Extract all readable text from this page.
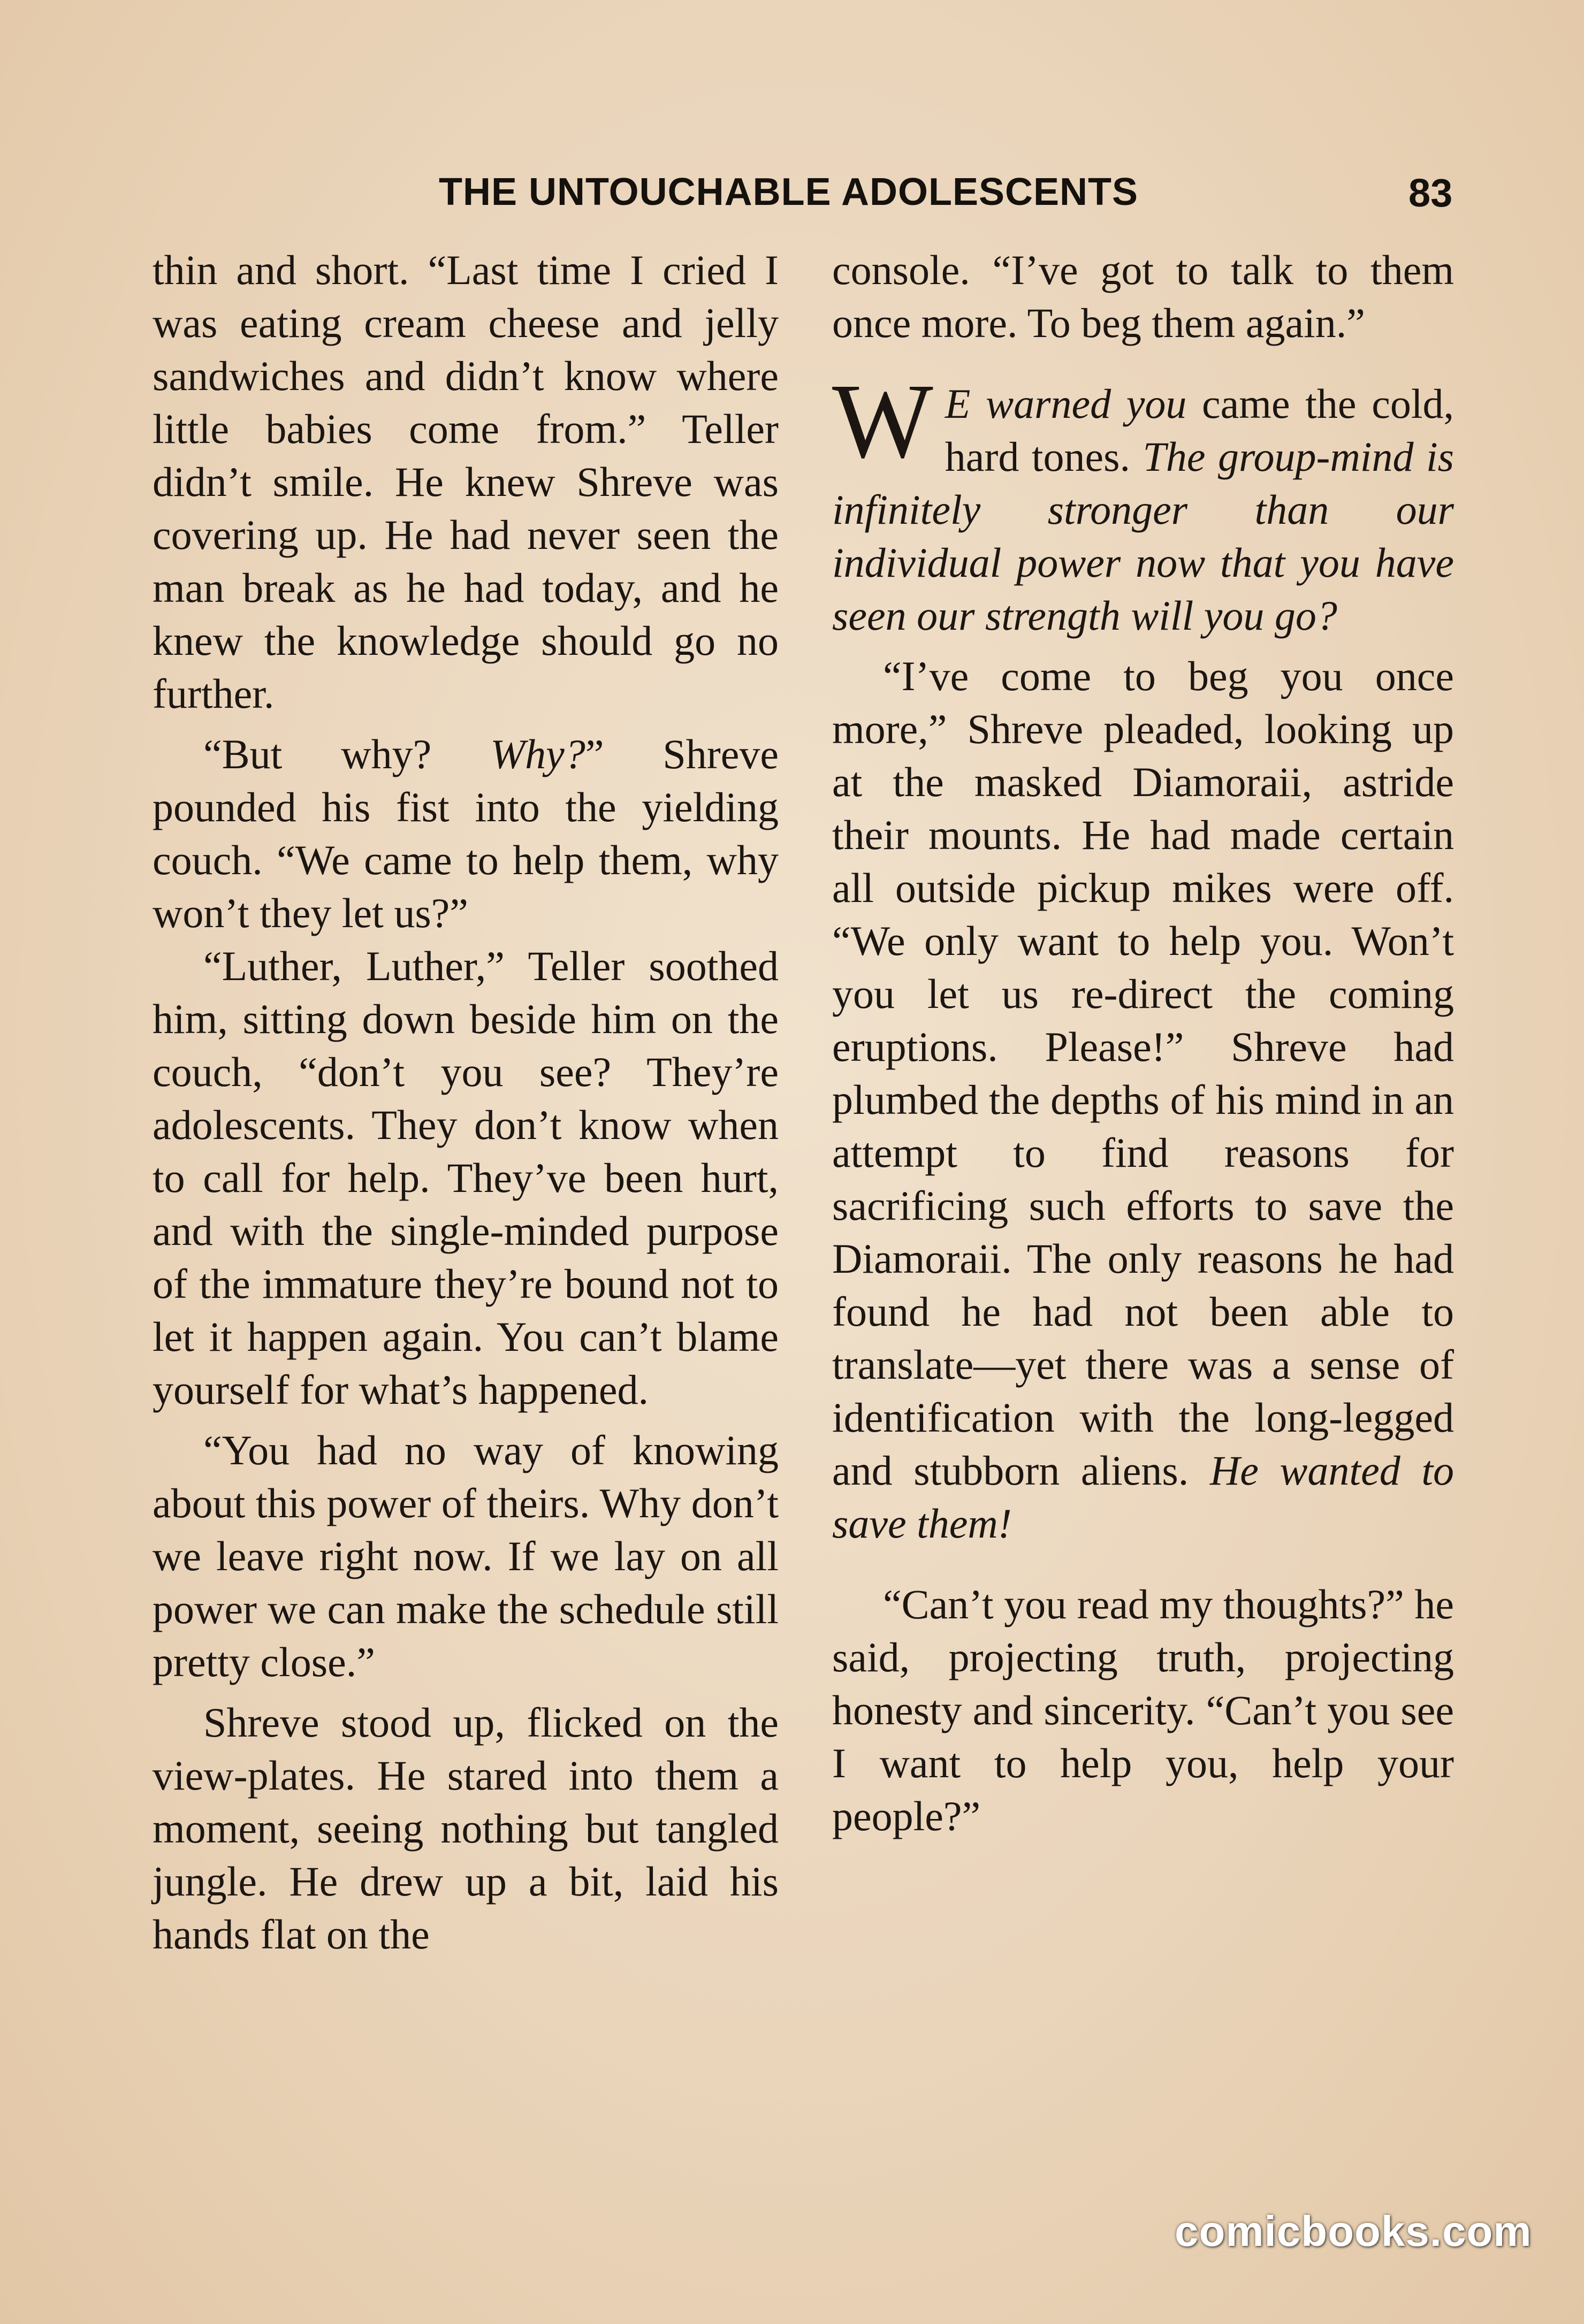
THE UNTOUCHABLE ADOLESCENTS	83

thin and short. “Last time I cried I was eating cream cheese and jelly sandwiches and didn’t know where little babies come from.” Teller didn’t smile. He knew Shreve was covering up. He had never seen the man break as he had today, and he knew the knowledge should go no further.

“But why? Why?” Shreve pounded his fist into the yielding couch. “We came to help them, why won’t they let us?”

“Luther, Luther,” Teller soothed him, sitting down beside him on the couch, “don’t you see? They’re adolescents. They don’t know when to call for help. They’ve been hurt, and with the single-minded purpose of the immature they’re bound not to let it happen again. You can’t blame yourself for what’s happened.

“You had no way of knowing about this power of theirs. Why don’t we leave right now. If we lay on all power we can make the schedule still pretty close.”

Shreve stood up, flicked on the view-plates. He stared into them a moment, seeing nothing but tangled jungle. He drew up a bit, laid his hands flat on the

console. “I’ve got to talk to them once more. To beg them again.”

W E warned you came the cold, hard tones. The group-mind is infinitely stronger than our individual power now that you have seen our strength will you go?

“I’ve come to beg you once more,” Shreve pleaded, looking up at the masked Diamoraii, astride their mounts. He had made certain all outside pickup mikes were off. “We only want to help you. Won’t you let us re-direct the coming eruptions. Please!” Shreve had plumbed the depths of his mind in an attempt to find reasons for sacrificing such efforts to save the Diamoraii. The only reasons he had found he had not been able to translate—yet there was a sense of identification with the long-legged and stubborn aliens. He wanted to save them!

“Can’t you read my thoughts?” he said, projecting truth, projecting honesty and sincerity. “Can’t you see I want to help you, help your people?”

comicbooks.com
